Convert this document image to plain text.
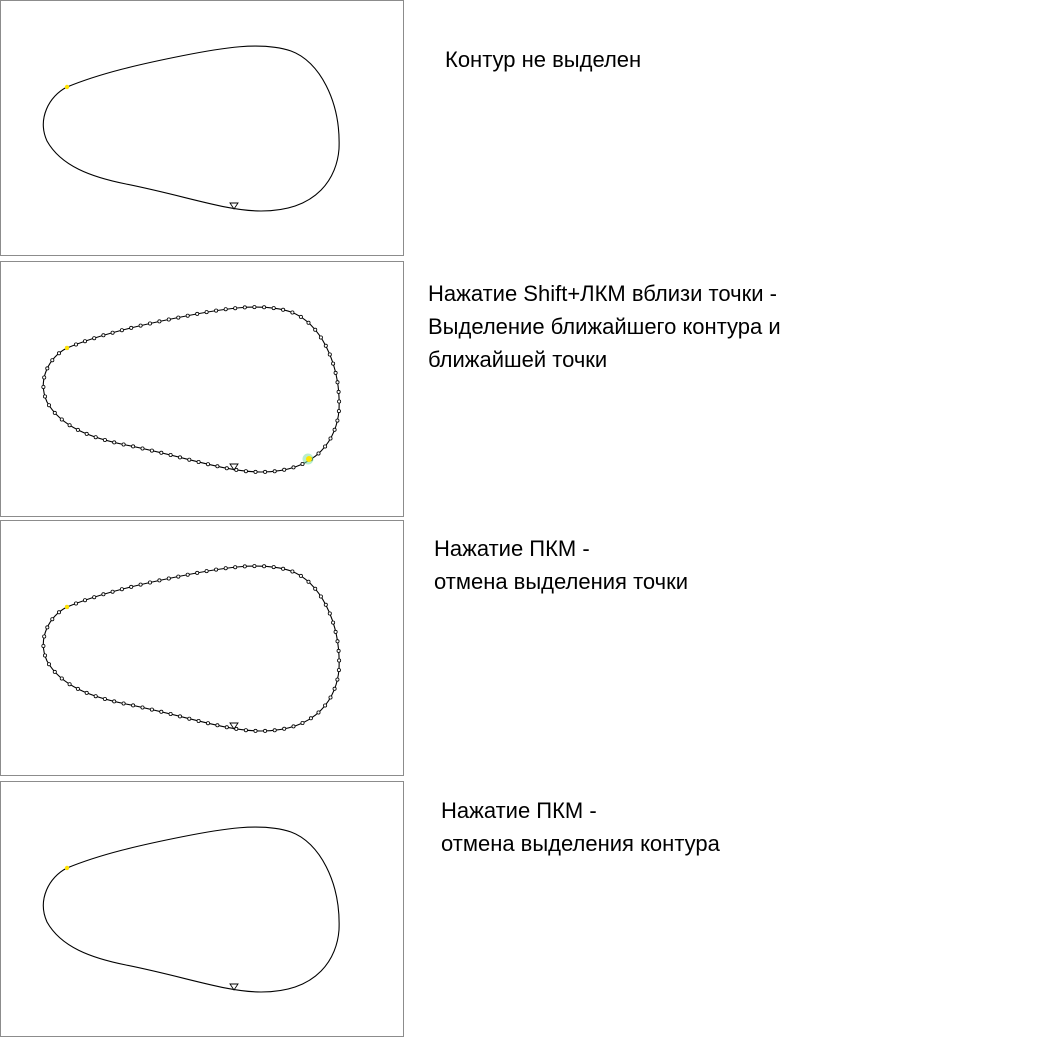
Контур не выделен
Нажатие Shift+ЛКМ вблизи точки -
Выделение ближайшего контура и
ближайшей точки
Нажатие ПКМ -
отмена выделения точки
Нажатие ПКМ -
отмена выделения контура
